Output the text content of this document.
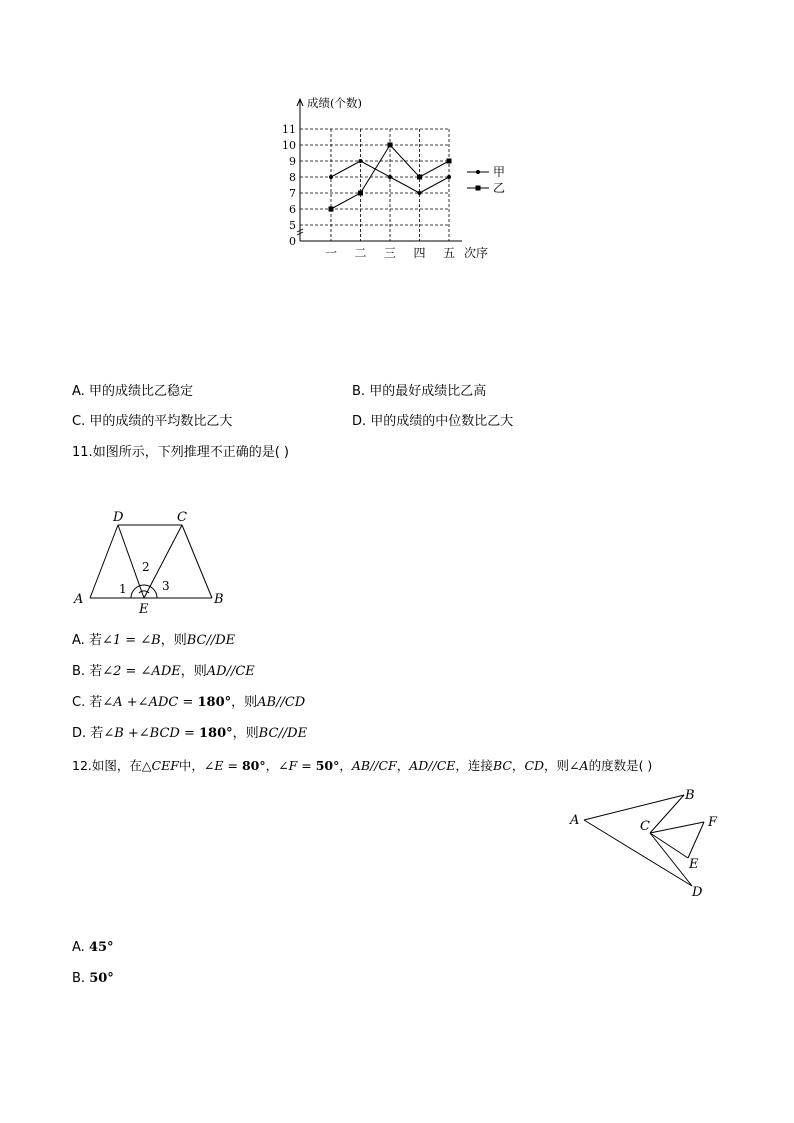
0
5
6
7
8
9
10
11
成绩(个数)
一 二 三 四 五 次序
甲
乙
A. 甲的成绩比乙稳定	B. 甲的最好成绩比乙高
C. 甲的成绩的平均数比乙大	D. 甲的成绩的中位数比乙大
11.如图所示，下列推理不正确的是( )
A	B
C
D
E
1
2
3
A. 若∠1 = ∠B，则BC//DE
B. 若∠2 = ∠ADE，则AD//CE
C. 若∠A +∠ADC = 180°，则AB//CD
D. 若∠B +∠BCD = 180°，则BC//DE
12.如图，在△CEF中，∠E = 80°，∠F = 50°，AB//CF，AD//CE，连接BC，CD，则∠A的度数是( )
A
B
C
D
E
F
A. 45°
B. 50°
